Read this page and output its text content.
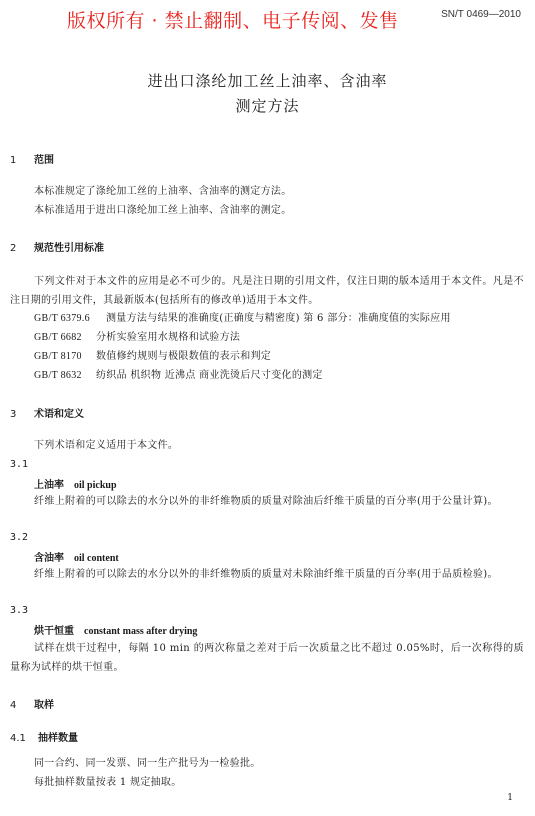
版权所有 · 禁止翻制、电子传阅、发售	SN/T 0469—2010
进出口涤纶加工丝上油率、含油率
测定方法
1 范围
本标准规定了涤纶加工丝的上油率、含油率的测定方法。
本标准适用于进出口涤纶加工丝上油率、含油率的测定。
2 规范性引用标准
下列文件对于本文件的应用是必不可少的。凡是注日期的引用文件，仅注日期的版本适用于本文件。凡是不注日期的引用文件，其最新版本(包括所有的修改单)适用于本文件。
GB/T 6379.6 测量方法与结果的准确度(正确度与精密度) 第 6 部分：准确度值的实际应用
GB/T 6682 分析实验室用水规格和试验方法
GB/T 8170 数值修约规则与极限数值的表示和判定
GB/T 8632 纺织品 机织物 近沸点 商业洗烫后尺寸变化的测定
3 术语和定义
下列术语和定义适用于本文件。
3.1
上油率 oil pickup
纤维上附着的可以除去的水分以外的非纤维物质的质量对除油后纤维干质量的百分率(用于公量计算)。
3.2
含油率 oil content
纤维上附着的可以除去的水分以外的非纤维物质的质量对未除油纤维干质量的百分率(用于品质检验)。
3.3
烘干恒重 constant mass after drying
试样在烘干过程中，每隔 10 min 的两次称量之差对于后一次质量之比不超过 0.05%时，后一次称得的质量称为试样的烘干恒重。
4 取样
4.1 抽样数量
同一合约、同一发票、同一生产批号为一检验批。
每批抽样数量按表 1 规定抽取。
1
